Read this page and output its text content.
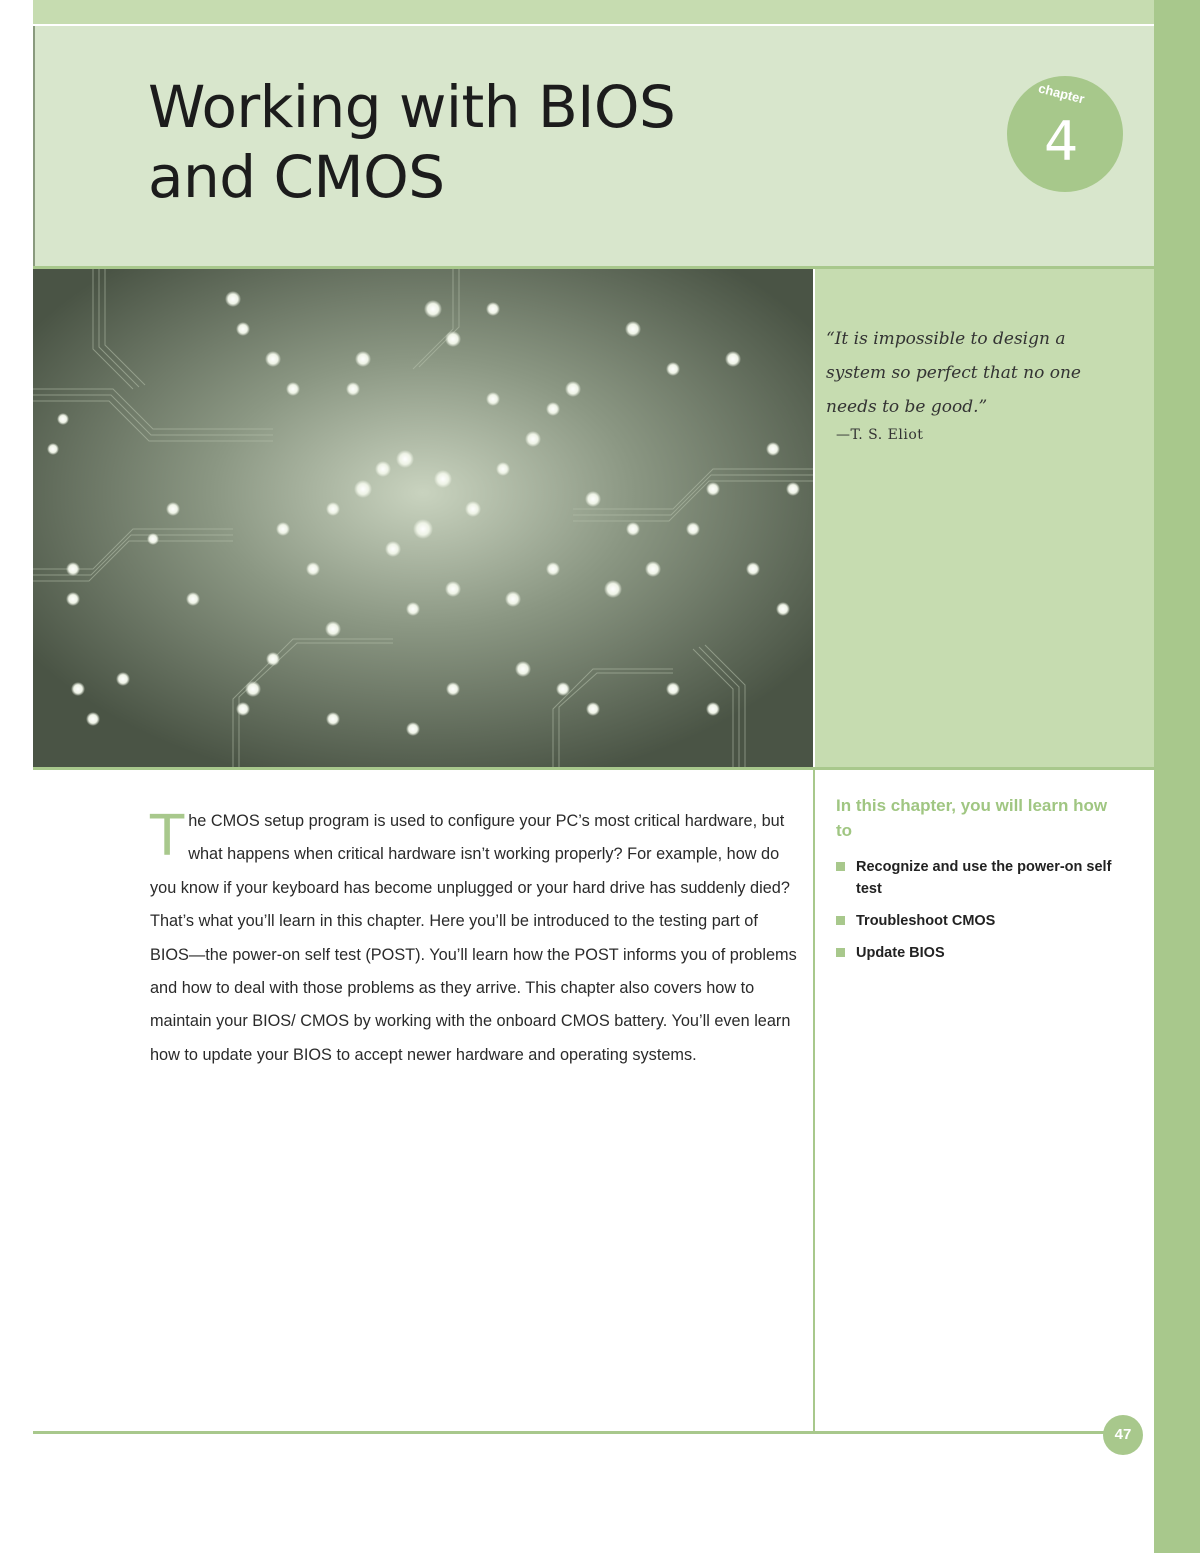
Working with BIOS
and CMOS
chapter
4

“It is impossible to design a system so perfect that no one needs to be good.”

—T. S. Eliot

The CMOS setup program is used to configure your PC’s most critical hardware, but what happens when critical hardware isn’t working properly? For example, how do you know if your keyboard has become unplugged or your hard drive has suddenly died? That’s what you’ll learn in this chapter. Here you’ll be introduced to the testing part of BIOS—the power-on self test (POST). You’ll learn how the POST informs you of problems and how to deal with those problems as they arrive. This chapter also covers how to maintain your BIOS/ CMOS by working with the onboard CMOS battery. You’ll even learn how to update your BIOS to accept newer hardware and operating systems.

In this chapter, you will learn how to

Recognize and use the power-on self test
Troubleshoot CMOS
Update BIOS
47
